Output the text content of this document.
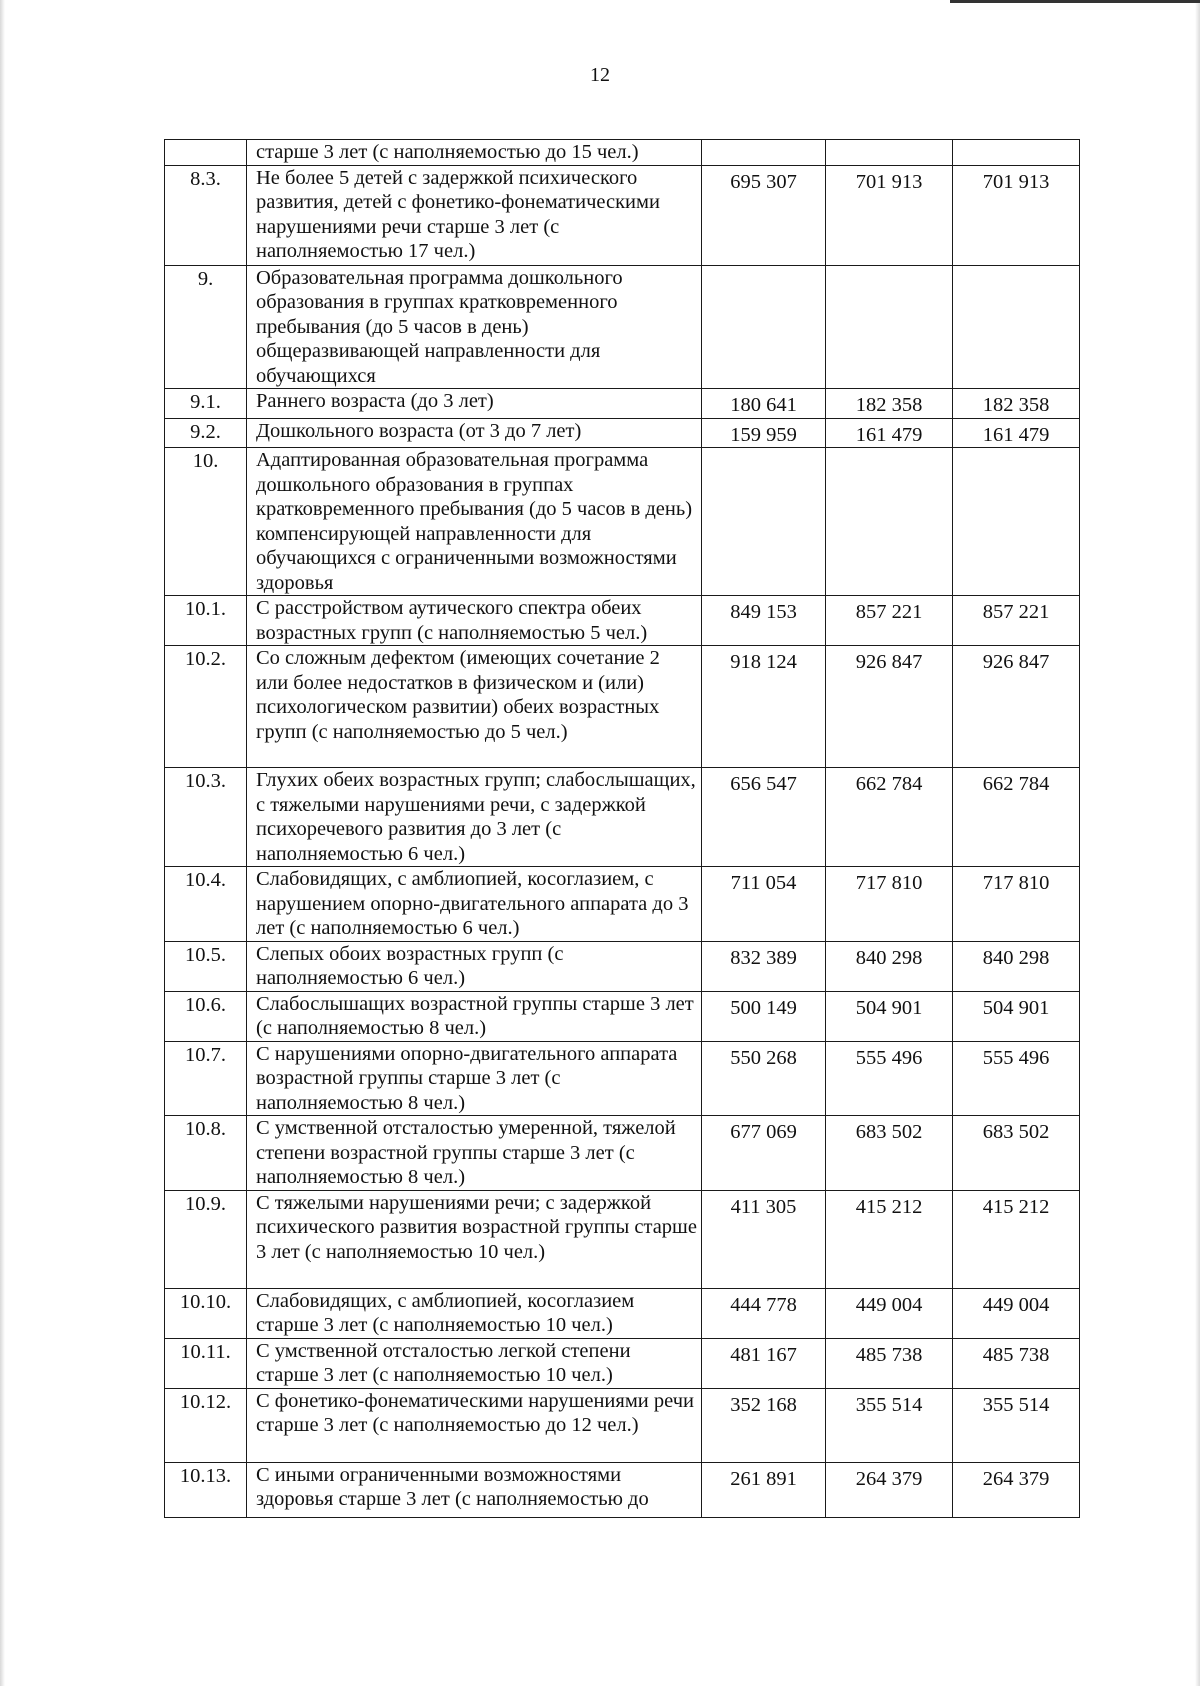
12
	старше 3 лет (с наполняемостью до 15 чел.)			
8.3.	Не более 5 детей с задержкой психического развития, детей с фонетико-фонематическими нарушениями речи старше 3 лет (с наполняемостью 17 чел.)	695 307	701 913	701 913
9.	Образовательная программа дошкольного образования в группах кратковременного пребывания (до 5 часов в день) общеразвивающей направленности для обучающихся			
9.1.	Раннего возраста (до 3 лет)	180 641	182 358	182 358
9.2.	Дошкольного возраста (от 3 до 7 лет)	159 959	161 479	161 479
10.	Адаптированная образовательная программа дошкольного образования в группах кратковременного пребывания (до 5 часов в день) компенсирующей направленности для обучающихся с ограниченными возможностями здоровья			
10.1.	С расстройством аутического спектра обеих возрастных групп (с наполняемостью 5 чел.)	849 153	857 221	857 221
10.2.	Со сложным дефектом (имеющих сочетание 2 или более недостатков в физическом и (или) психологическом развитии) обеих возрастных групп (с наполняемостью до 5 чел.)	918 124	926 847	926 847
10.3.	Глухих обеих возрастных групп; слабослышащих, с тяжелыми нарушениями речи, с задержкой психоречевого развития до 3 лет (с наполняемостью 6 чел.)	656 547	662 784	662 784
10.4.	Слабовидящих, с амблиопией, косоглазием, с нарушением опорно-двигательного аппарата до 3 лет (с наполняемостью 6 чел.)	711 054	717 810	717 810
10.5.	Слепых обоих возрастных групп (с наполняемостью 6 чел.)	832 389	840 298	840 298
10.6.	Слабослышащих возрастной группы старше 3 лет (с наполняемостью 8 чел.)	500 149	504 901	504 901
10.7.	С нарушениями опорно-двигательного аппарата возрастной группы старше 3 лет (с наполняемостью 8 чел.)	550 268	555 496	555 496
10.8.	С умственной отсталостью умеренной, тяжелой степени возрастной группы старше 3 лет (с наполняемостью 8 чел.)	677 069	683 502	683 502
10.9.	С тяжелыми нарушениями речи; с задержкой психического развития возрастной группы старше 3 лет (с наполняемостью 10 чел.)	411 305	415 212	415 212
10.10.	Слабовидящих, с амблиопией, косоглазием старше 3 лет (с наполняемостью 10 чел.)	444 778	449 004	449 004
10.11.	С умственной отсталостью легкой степени старше 3 лет (с наполняемостью 10 чел.)	481 167	485 738	485 738
10.12.	С фонетико-фонематическими нарушениями речи старше 3 лет (с наполняемостью до 12 чел.)	352 168	355 514	355 514
10.13.	С иными ограниченными возможностями здоровья старше 3 лет (с наполняемостью до	261 891	264 379	264 379
